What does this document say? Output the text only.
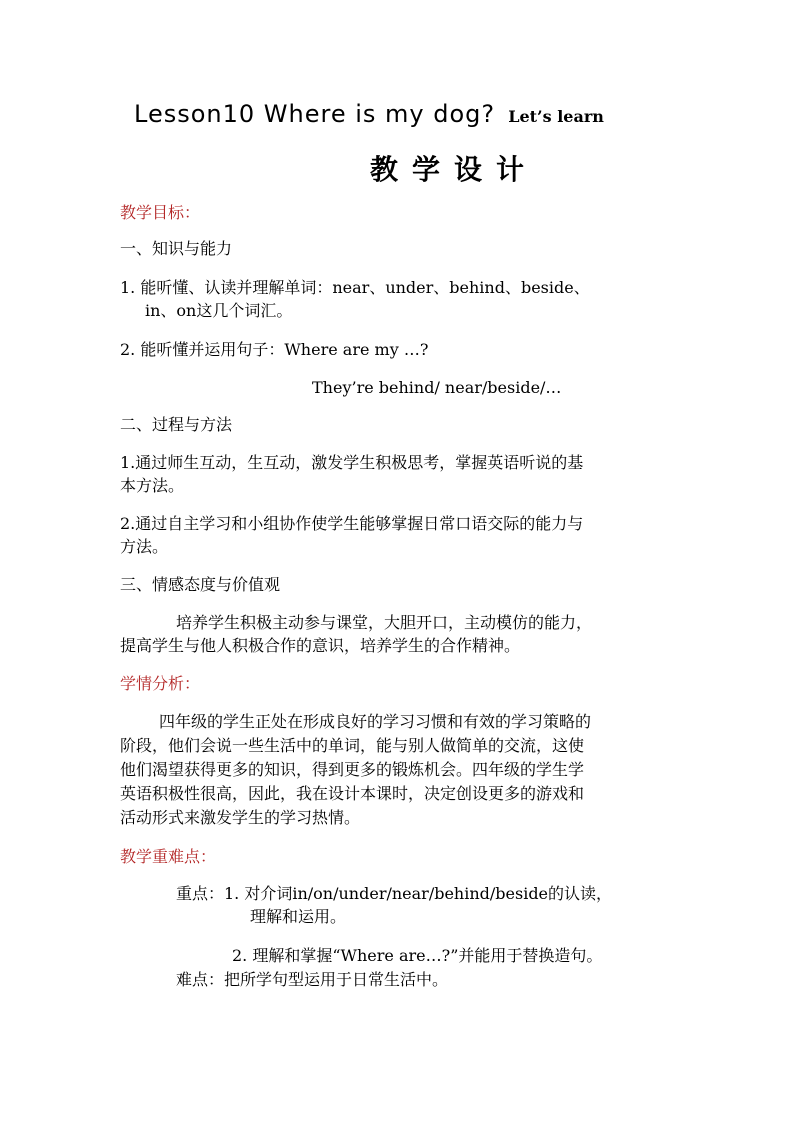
Lesson10 Where is my dog? Let’s learn
教学设计
教学目标：
一、知识与能力
1. 能听懂、认读并理解单词：near、under、behind、beside、
in、on这几个词汇。
2. 能听懂并运用句子：Where are my …?
They’re behind/ near/beside/…
二、过程与方法
1.通过师生互动，生互动，激发学生积极思考，掌握英语听说的基
本方法。
2.通过自主学习和小组协作使学生能够掌握日常口语交际的能力与
方法。
三、情感态度与价值观
培养学生积极主动参与课堂，大胆开口，主动模仿的能力，
提高学生与他人积极合作的意识，培养学生的合作精神。
学情分析：
四年级的学生正处在形成良好的学习习惯和有效的学习策略的
阶段，他们会说一些生活中的单词，能与别人做简单的交流，这使
他们渴望获得更多的知识，得到更多的锻炼机会。四年级的学生学
英语积极性很高，因此，我在设计本课时，决定创设更多的游戏和
活动形式来激发学生的学习热情。
教学重难点：
重点：1. 对介词in/on/under/near/behind/beside的认读，
理解和运用。
2. 理解和掌握“Where are…?”并能用于替换造句。
难点：把所学句型运用于日常生活中。
